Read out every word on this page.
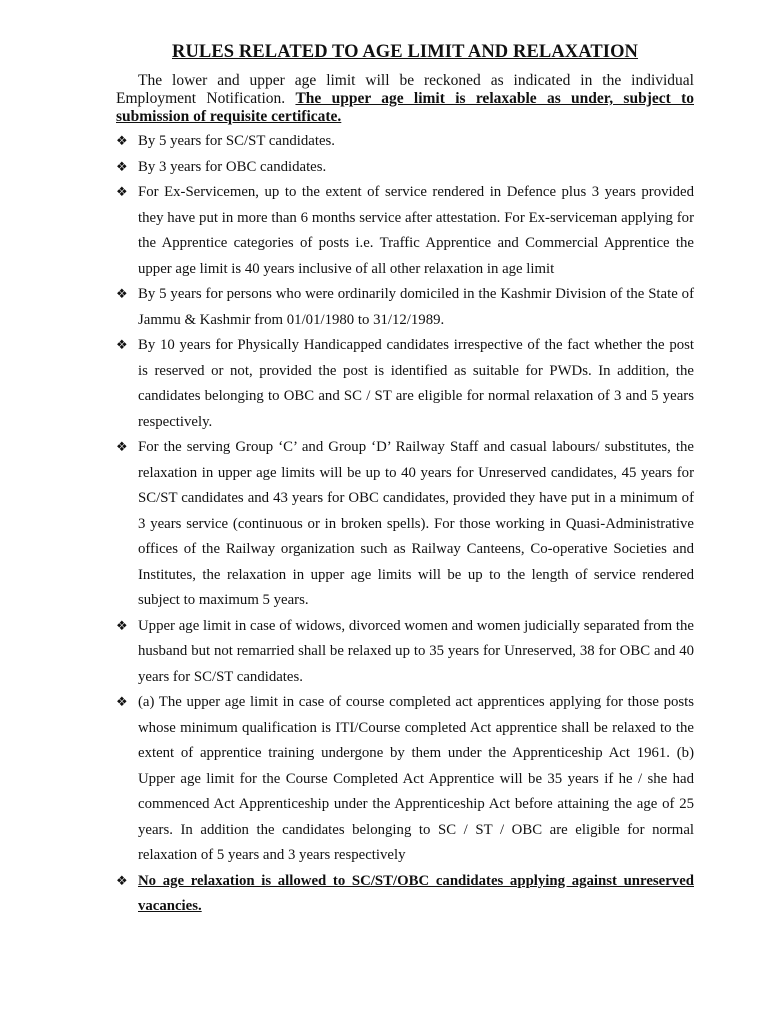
RULES RELATED TO AGE LIMIT AND RELAXATION

The lower and upper age limit will be reckoned as indicated in the individual Employment Notification. The upper age limit is relaxable as under, subject to submission of requisite certificate.

❖ By 5 years for SC/ST candidates.
❖ By 3 years for OBC candidates.
❖ For Ex-Servicemen, up to the extent of service rendered in Defence plus 3 years provided they have put in more than 6 months service after attestation. For Ex-serviceman applying for the Apprentice categories of posts i.e. Traffic Apprentice and Commercial Apprentice the upper age limit is 40 years inclusive of all other relaxation in age limit
❖ By 5 years for persons who were ordinarily domiciled in the Kashmir Division of the State of Jammu & Kashmir from 01/01/1980 to 31/12/1989.
❖ By 10 years for Physically Handicapped candidates irrespective of the fact whether the post is reserved or not, provided the post is identified as suitable for PWDs. In addition, the candidates belonging to OBC and SC / ST are eligible for normal relaxation of 3 and 5 years respectively.
❖ For the serving Group ‘C’ and Group ‘D’ Railway Staff and casual labours/ substitutes, the relaxation in upper age limits will be up to 40 years for Unreserved candidates, 45 years for SC/ST candidates and 43 years for OBC candidates, provided they have put in a minimum of 3 years service (continuous or in broken spells). For those working in Quasi-Administrative offices of the Railway organization such as Railway Canteens, Co-operative Societies and Institutes, the relaxation in upper age limits will be up to the length of service rendered subject to maximum 5 years.
❖ Upper age limit in case of widows, divorced women and women judicially separated from the husband but not remarried shall be relaxed up to 35 years for Unreserved, 38 for OBC and 40 years for SC/ST candidates.
❖ (a) The upper age limit in case of course completed act apprentices applying for those posts whose minimum qualification is ITI/Course completed Act apprentice shall be relaxed to the extent of apprentice training undergone by them under the Apprenticeship Act 1961. (b) Upper age limit for the Course Completed Act Apprentice will be 35 years if he / she had commenced Act Apprenticeship under the Apprenticeship Act before attaining the age of 25 years. In addition the candidates belonging to SC / ST / OBC are eligible for normal relaxation of 5 years and 3 years respectively
❖ No age relaxation is allowed to SC/ST/OBC candidates applying against unreserved vacancies.
